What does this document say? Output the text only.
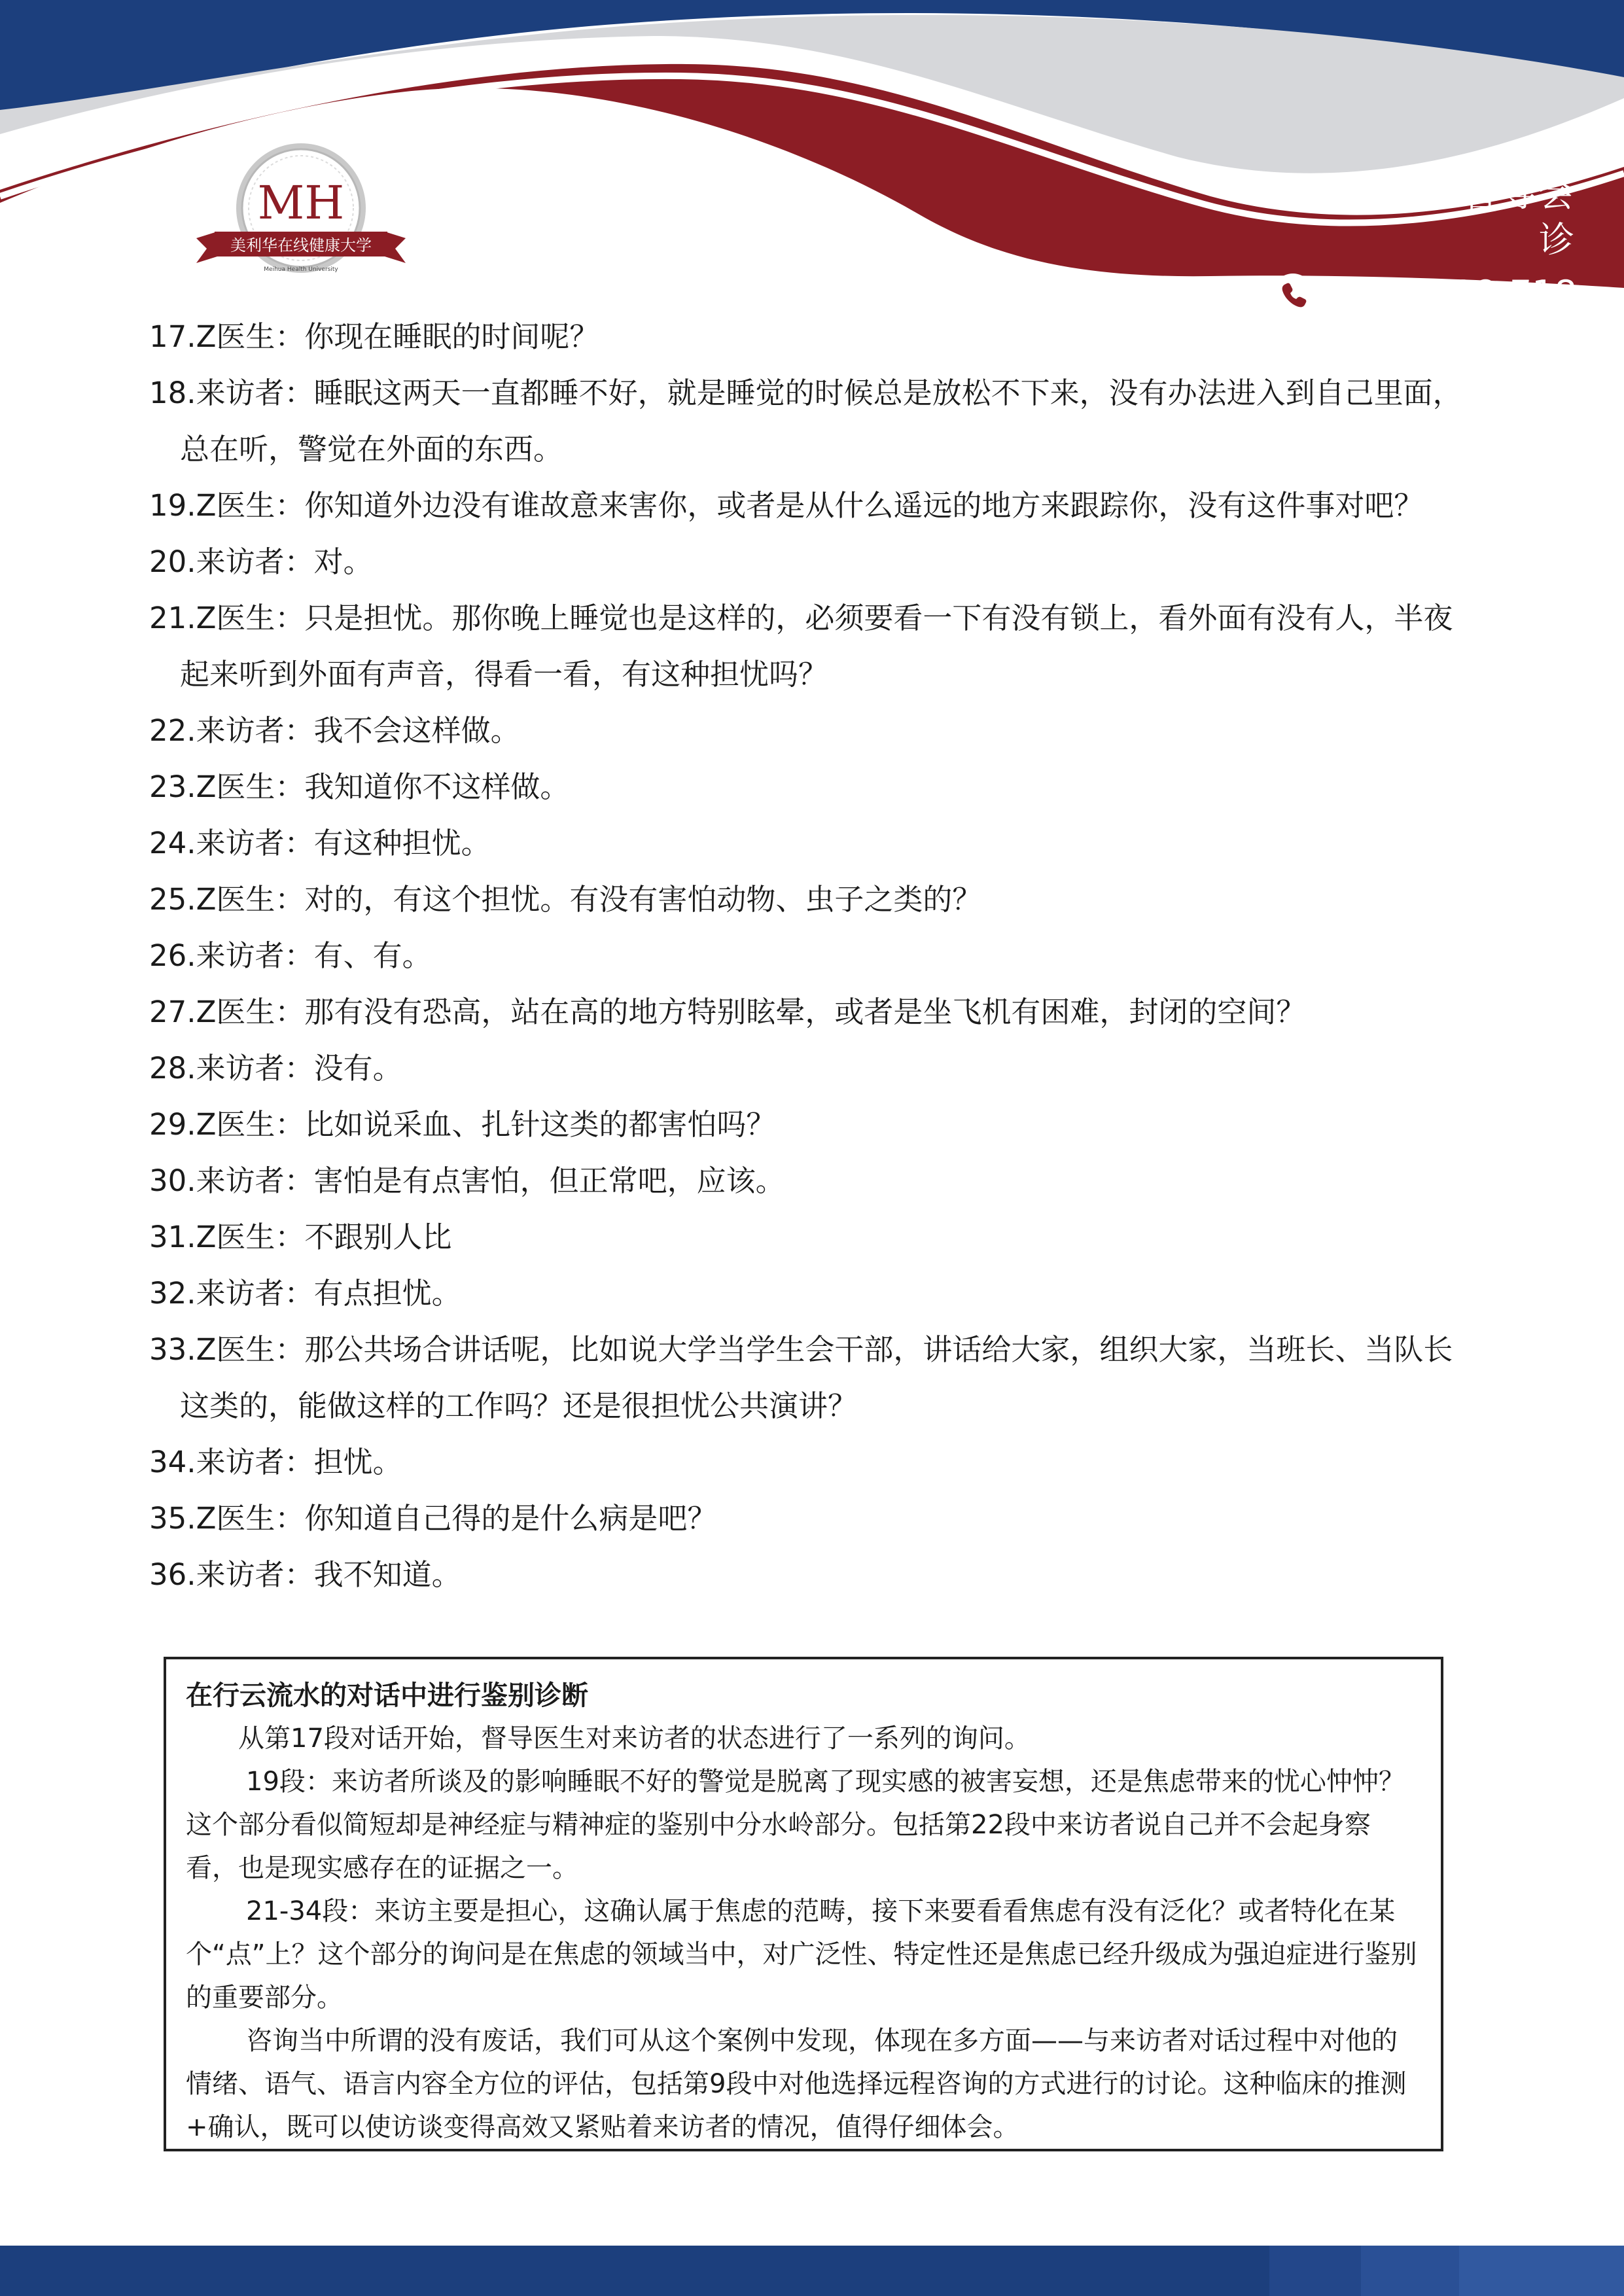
MH
美利华在线健康大学
Meihua Health University
报名学习 督导会诊
4000-218-718

17.Z医生：你现在睡眠的时间呢？

18.来访者：睡眠这两天一直都睡不好，就是睡觉的时候总是放松不下来，没有办法进入到自己里面，总在听，警觉在外面的东西。

19.Z医生：你知道外边没有谁故意来害你，或者是从什么遥远的地方来跟踪你，没有这件事对吧？

20.来访者：对。

21.Z医生：只是担忧。那你晚上睡觉也是这样的，必须要看一下有没有锁上，看外面有没有人，半夜起来听到外面有声音，得看一看，有这种担忧吗？

22.来访者：我不会这样做。

23.Z医生：我知道你不这样做。

24.来访者：有这种担忧。

25.Z医生：对的，有这个担忧。有没有害怕动物、虫子之类的？

26.来访者：有、有。

27.Z医生：那有没有恐高，站在高的地方特别眩晕，或者是坐飞机有困难，封闭的空间？

28.来访者：没有。

29.Z医生：比如说采血、扎针这类的都害怕吗？

30.来访者：害怕是有点害怕，但正常吧，应该。

31.Z医生：不跟别人比

32.来访者：有点担忧。

33.Z医生：那公共场合讲话呢，比如说大学当学生会干部，讲话给大家，组织大家，当班长、当队长这类的，能做这样的工作吗？还是很担忧公共演讲？

34.来访者：担忧。

35.Z医生：你知道自己得的是什么病是吧？

36.来访者：我不知道。

在行云流水的对话中进行鉴别诊断

从第17段对话开始，督导医生对来访者的状态进行了一系列的询问。

19段：来访者所谈及的影响睡眠不好的警觉是脱离了现实感的被害妄想，还是焦虑带来的忧心忡忡？这个部分看似简短却是神经症与精神症的鉴别中分水岭部分。包括第22段中来访者说自己并不会起身察看，也是现实感存在的证据之一。

21-34段：来访主要是担心，这确认属于焦虑的范畴，接下来要看看焦虑有没有泛化？或者特化在某个“点”上？这个部分的询问是在焦虑的领域当中，对广泛性、特定性还是焦虑已经升级成为强迫症进行鉴别的重要部分。

咨询当中所谓的没有废话，我们可从这个案例中发现，体现在多方面——与来访者对话过程中对他的情绪、语气、语言内容全方位的评估，包括第9段中对他选择远程咨询的方式进行的讨论。这种临床的推测+确认，既可以使访谈变得高效又紧贴着来访者的情况，值得仔细体会。
